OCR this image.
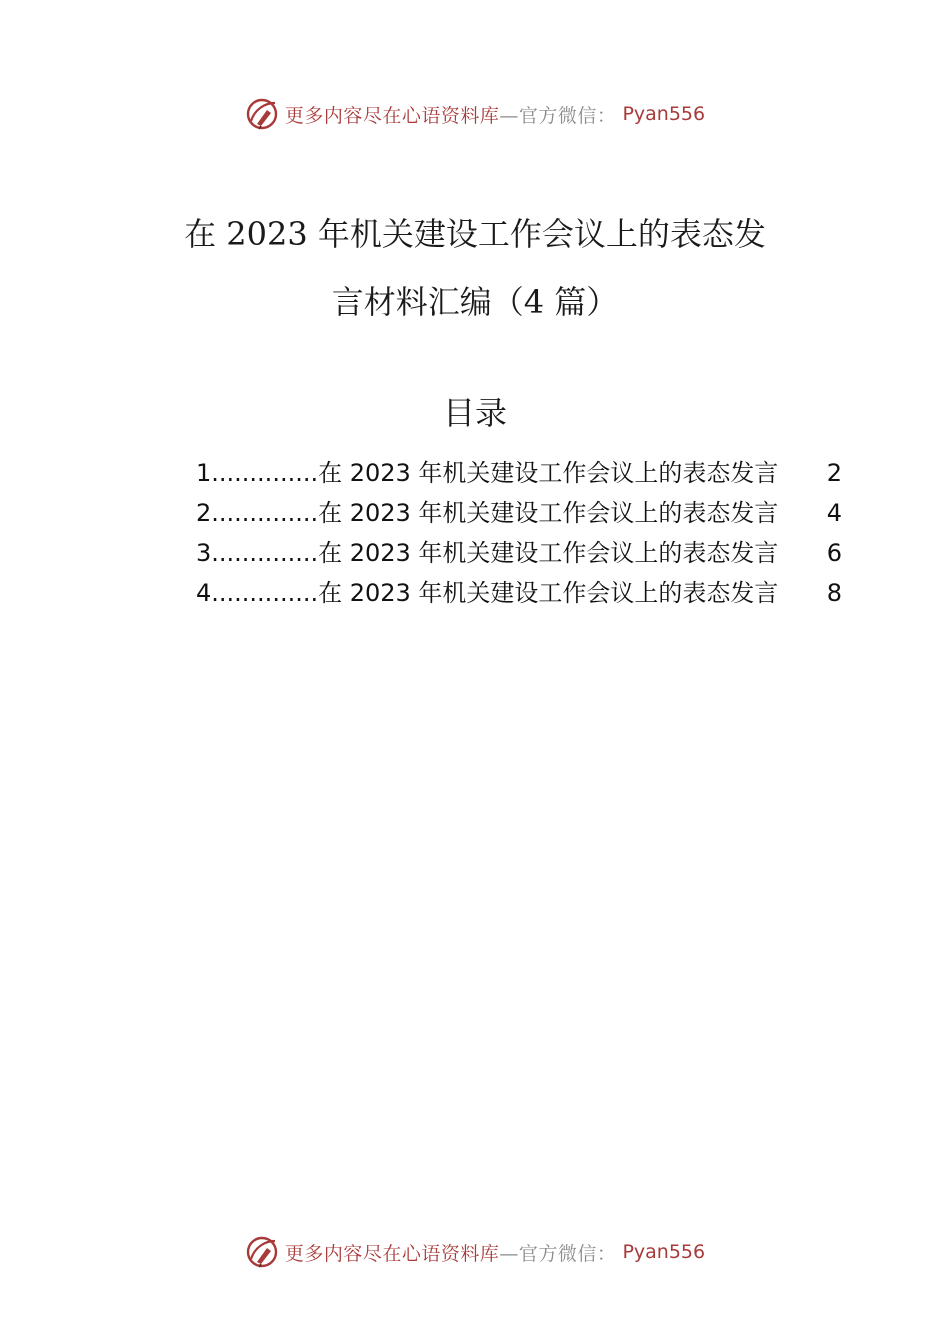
更多内容尽在心语资料库—官方微信： Pyan556
在 2023 年机关建设工作会议上的表态发
言材料汇编（4 篇）
目录
1 .............. 在 2023 年机关建设工作会议上的表态发言	2
2 .............. 在 2023 年机关建设工作会议上的表态发言	4
3 .............. 在 2023 年机关建设工作会议上的表态发言	6
4 .............. 在 2023 年机关建设工作会议上的表态发言	8
更多内容尽在心语资料库—官方微信： Pyan556
